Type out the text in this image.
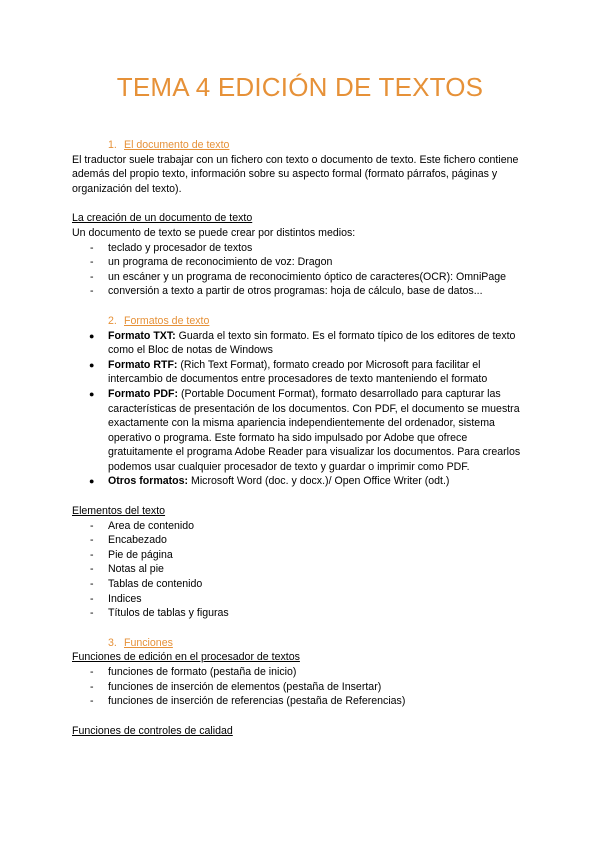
TEMA 4 EDICIÓN DE TEXTOS
1. El documento de texto

El traductor suele trabajar con un fichero con texto o documento de texto. Este fichero contiene además del propio texto, información sobre su aspecto formal (formato párrafos, páginas y organización del texto).

La creación de un documento de texto

Un documento de texto se puede crear por distintos medios:

- teclado y procesador de textos
- un programa de reconocimiento de voz: Dragon
- un escáner y un programa de reconocimiento óptico de caracteres(OCR): OmniPage
- conversión a texto a partir de otros programas: hoja de cálculo, base de datos...
2. Formatos de texto
● Formato TXT: Guarda el texto sin formato. Es el formato típico de los editores de texto como el Bloc de notas de Windows
● Formato RTF: (Rich Text Format), formato creado por Microsoft para facilitar el intercambio de documentos entre procesadores de texto manteniendo el formato
● Formato PDF: (Portable Document Format), formato desarrollado para capturar las características de presentación de los documentos. Con PDF, el documento se muestra exactamente con la misma apariencia independientemente del ordenador, sistema operativo o programa. Este formato ha sido impulsado por Adobe que ofrece gratuitamente el programa Adobe Reader para visualizar los documentos. Para crearlos podemos usar cualquier procesador de texto y guardar o imprimir como PDF.
● Otros formatos: Microsoft Word (doc. y docx.)/ Open Office Writer (odt.)

Elementos del texto

- Area de contenido
- Encabezado
- Pie de página
- Notas al pie
- Tablas de contenido
- Indices
- Títulos de tablas y figuras
3. Funciones

Funciones de edición en el procesador de textos

- funciones de formato (pestaña de inicio)
- funciones de inserción de elementos (pestaña de Insertar)
- funciones de inserción de referencias (pestaña de Referencias)

Funciones de controles de calidad
